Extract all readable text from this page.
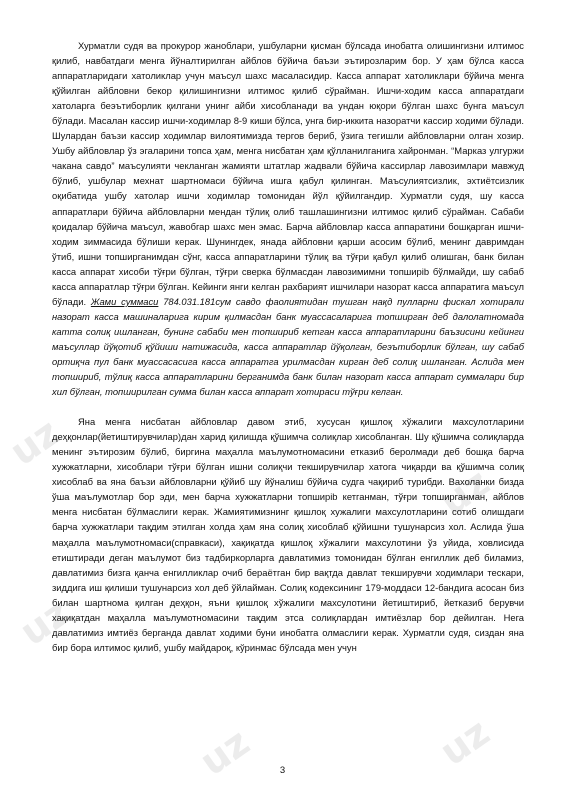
uz
uz
uz
uz	uz

Хурматли судя ва прокурор жаноблари, ушбуларни қисман бўлсада инобатга олишингизни илтимос қилиб, навбатдаги менга йўналтирилган айблов бўйича баъзи эътирозларим бор. У ҳам бўлса касса аппаратларидаги хатоликлар учун маъсул шахс масаласидир. Касса аппарат хатоликлари бўйича менга қўйилган айбловни бекор қилишингизни илтимос қилиб сўрайман. Ишчи-ходим касса аппаратдаги хатоларга беэътиборлик қилгани унинг айби хисобланади ва ундан юқори бўлган шахс бунга маъсул бўлади. Масалан кассир ишчи-ходимлар 8-9 киши бўлса, унга бир-иккита назоратчи кассир ходими бўлади. Шулардан баъзи кассир ходимлар вилоятимизда тергов бериб, ўзига тегишли айбловларни олган хозир. Ушбу айбловлар ўз эгаларини топса ҳам, менга нисбатан ҳам қўлланилганига хайронман. “Марказ улгуржи чакана савдо” маъсулияти чекланган жамияти штатлар жадвали бўйича кассирлар лавозимлари мавжуд бўлиб, ушбулар мехнат шартномаси бўйича ишга қабул қилинган. Маъсулиятсизлик, эхтиётсизлик оқибатида ушбу хатолар ишчи ходимлар томонидан йўл қўйилгандир. Хурматли судя, шу касса аппаратлари бўйича айбловларни мендан тўлиқ олиб ташлашингизни илтимос қилиб сўрайман. Сабаби қоидалар бўйича маъсул, жавобгар шахс мен эмас. Барча айбловлар касса аппаратини бошқарган ишчи-ходим зиммасида бўлиши керак. Шунингдек, янада айбловни қарши асосим бўлиб, менинг давримдан ўтиб, ишни топширганимдан сўнг, касса аппаратларини тўлиқ ва тўғри қабул қилиб олишган, банк билан касса аппарат хисоби тўғри бўлган, тўғри сверка бўлмасдан лавозимимни топширib бўлмайди, шу сабаб касса аппаратлар тўғри бўлган. Кейинги янги келган рахбарият ишчилари назорат касса аппаратига маъсул бўлади. Жами суммаси 784.031.181сум савдо фаолиятидан тушган нақд пулларни фискал хотирали назорат касса машиналарига кирим қилмасдан банк муассасаларига топширган деб далолатномада катта солиқ ишланган, бунинг сабаби мен топшириб кетган касса аппаратларини баъзисини кейинги маъсуллар йўқотиб қўйиши натижасида, касса аппаратлар йўқолган, беэътиборлик бўлган, шу сабаб ортиқча пул банк муассасасига касса аппаратга урилмасдан кирган деб солиқ ишланган. Аслида мен топшириб, тўлиқ касса аппаратларини берганимда банк билан назорат касса аппарат суммалари бир хил бўлган, топширилган сумма билан касса аппарат хотираси тўғри келган.

Яна менга нисбатан айбловлар давом этиб, хусусан қишлоқ хўжалиги махсулотларини деҳқонлар(йетиштирувчилар)дан харид қилишда қўшимча солиқлар хисобланган. Шу қўшимча солиқларда менинг эътирозим бўлиб, биргина маҳалла маълумотномасини етказиб беролмади деб бошқа барча хужжатларни, хисоблари тўғри бўлган ишни солиқчи текширувчилар хатога чиқарди ва қўшимча солиқ хисоблаб ва яна баъзи айбловларни қўйиб шу йўналиш бўйича судга чақириб турибди. Вахоланки бизда ўша маълумотлар бор эди, мен барча хужжатларни топширib кетганман, тўғри топширганман, айблов менга нисбатан бўлмаслиги керак. Жамиятимизнинг қишлоқ хужалиги махсулотларини сотиб олишдаги барча хужжатлари тақдим этилган холда ҳам яна солиқ хисоблаб қўйишни тушунарсиз хол. Аслида ўша маҳалла маълумотномаси(справкаси), хақиқатда қишлоқ хўжалиги махсулотини ўз уйида, ховлисида етиштиради деган маълумот биз тадбиркорларга давлатимиз томонидан бўлган енгиллик деб биламиз, давлатимиз бизга қанча енгилликлар очиб бераётган бир вақтда давлат текширувчи ходимлари тескари, зиддига иш қилиши тушунарсиз хол деб ўйлайман. Солиқ кодексининг 179-моддаси 12-бандига асосан биз билан шартнома қилган деҳқон, яъни қишлоқ хўжалиги махсулотини йетиштириб, йетказиб берувчи хақиқатдан маҳалла маълумотномасини тақдим этса солиқлардан имтиёзлар бор дейилган. Нега давлатимиз имтиёз берганда давлат ходими буни инобатга олмаслиги керак. Хурматли судя, сиздан яна бир бора илтимос қилиб, ушбу майдароқ, кўринмас бўлсада мен учун

3
